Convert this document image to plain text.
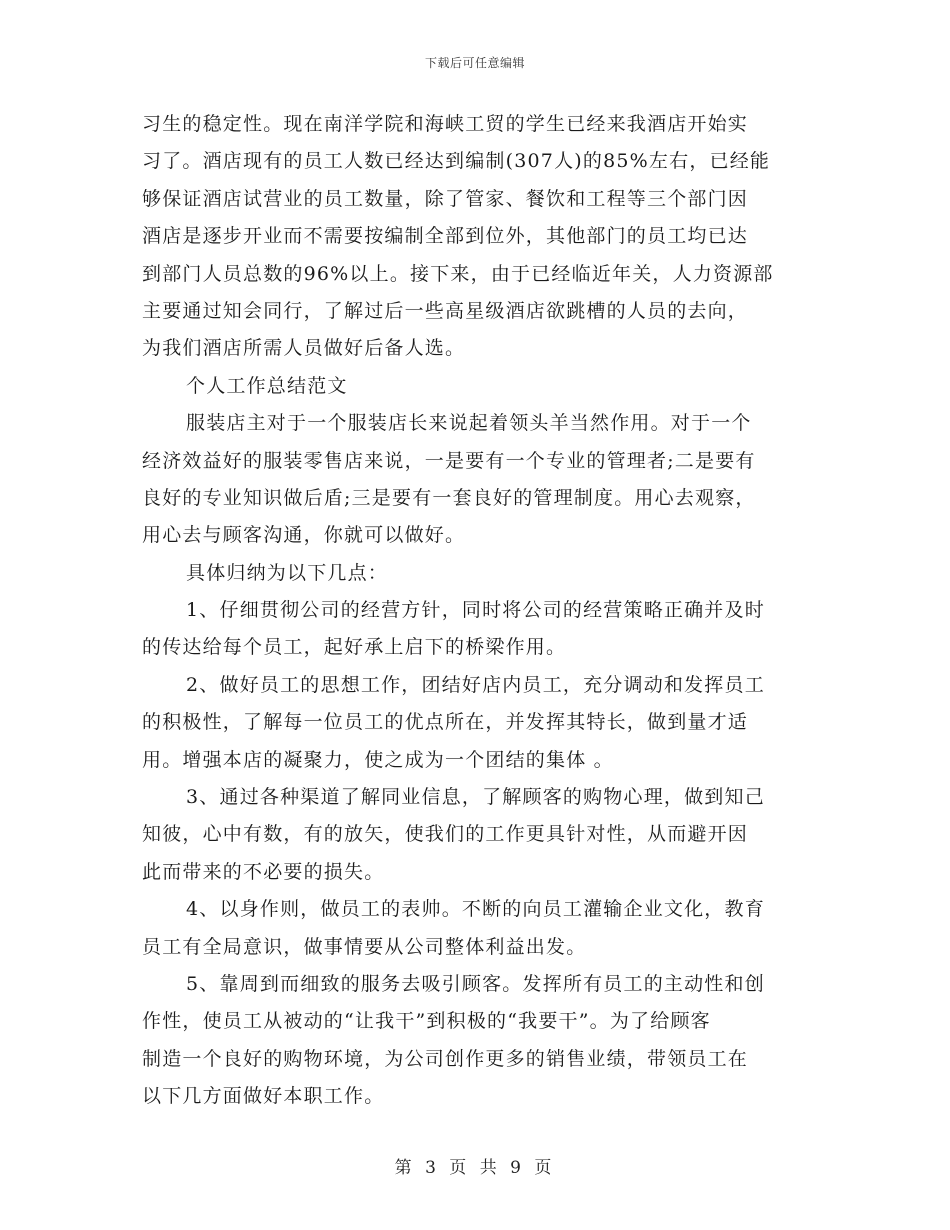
下载后可任意编辑
习生的稳定性。现在南洋学院和海峡工贸的学生已经来我酒店开始实
习了。酒店现有的员工人数已经达到编制(307人)的85%左右，已经能
够保证酒店试营业的员工数量，除了管家、餐饮和工程等三个部门因
酒店是逐步开业而不需要按编制全部到位外，其他部门的员工均已达
到部门人员总数的96%以上。接下来，由于已经临近年关，人力资源部
主要通过知会同行，了解过后一些高星级酒店欲跳槽的人员的去向，
为我们酒店所需人员做好后备人选。
个人工作总结范文
服装店主对于一个服装店长来说起着领头羊当然作用。对于一个
经济效益好的服装零售店来说，一是要有一个专业的管理者;二是要有
良好的专业知识做后盾;三是要有一套良好的管理制度。用心去观察，
用心去与顾客沟通，你就可以做好。
具体归纳为以下几点：
1、仔细贯彻公司的经营方针，同时将公司的经营策略正确并及时
的传达给每个员工，起好承上启下的桥梁作用。
2、做好员工的思想工作，团结好店内员工，充分调动和发挥员工
的积极性，了解每一位员工的优点所在，并发挥其特长，做到量才适
用。增强本店的凝聚力，使之成为一个团结的集体 。
3、通过各种渠道了解同业信息，了解顾客的购物心理，做到知己
知彼，心中有数，有的放矢，使我们的工作更具针对性，从而避开因
此而带来的不必要的损失。
4、以身作则，做员工的表帅。不断的向员工灌输企业文化，教育
员工有全局意识，做事情要从公司整体利益出发。
5、靠周到而细致的服务去吸引顾客。发挥所有员工的主动性和创
作性，使员工从被动的“让我干”到积极的“我要干”。为了给顾客
制造一个良好的购物环境，为公司创作更多的销售业绩，带领员工在
以下几方面做好本职工作。
第 3 页 共 9 页
